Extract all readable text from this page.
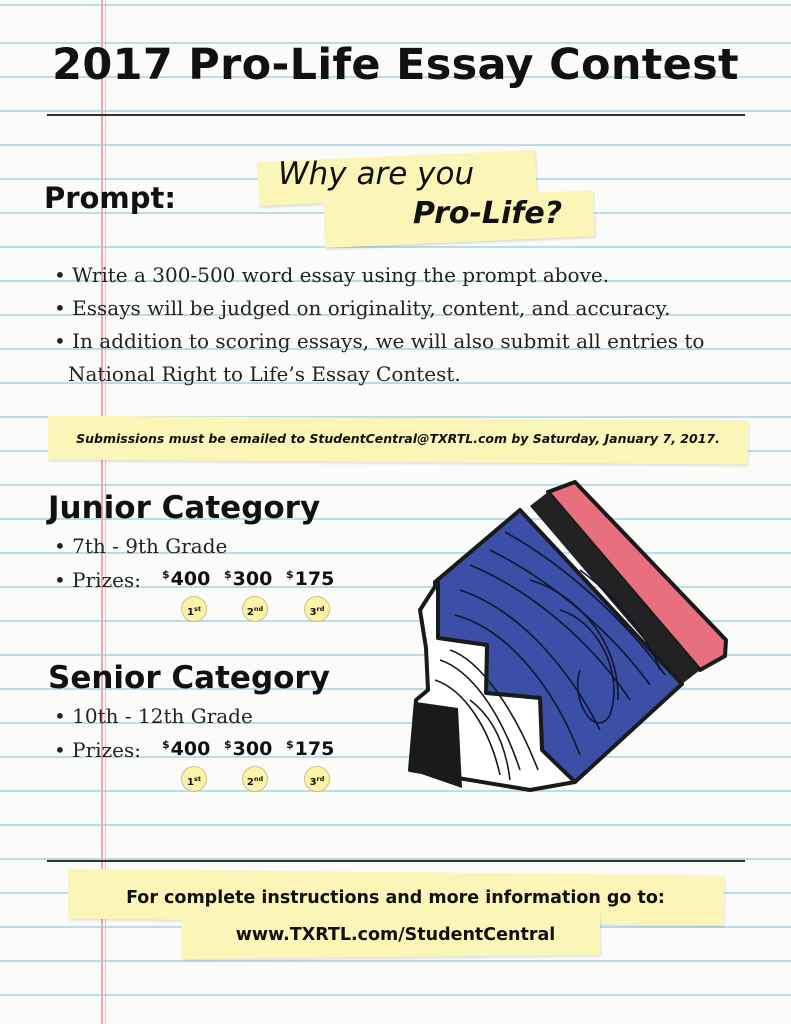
2017 Pro-Life Essay Contest
Prompt:
Why are you
Pro-Life?
• Write a 300-500 word essay using the prompt above.
• Essays will be judged on originality, content, and accuracy.
• In addition to scoring essays, we will also submit all entries to National Right to Life’s Essay Contest.
Submissions must be emailed to StudentCentral@TXRTL.com by Saturday, January 7, 2017.
Junior Category
• 7th - 9th Grade
• Prizes: $400 $300 $175
1st	2nd	3rd
Senior Category
• 10th - 12th Grade
• Prizes: $400 $300 $175
1st	2nd	3rd
For complete instructions and more information go to:
www.TXRTL.com/StudentCentral
